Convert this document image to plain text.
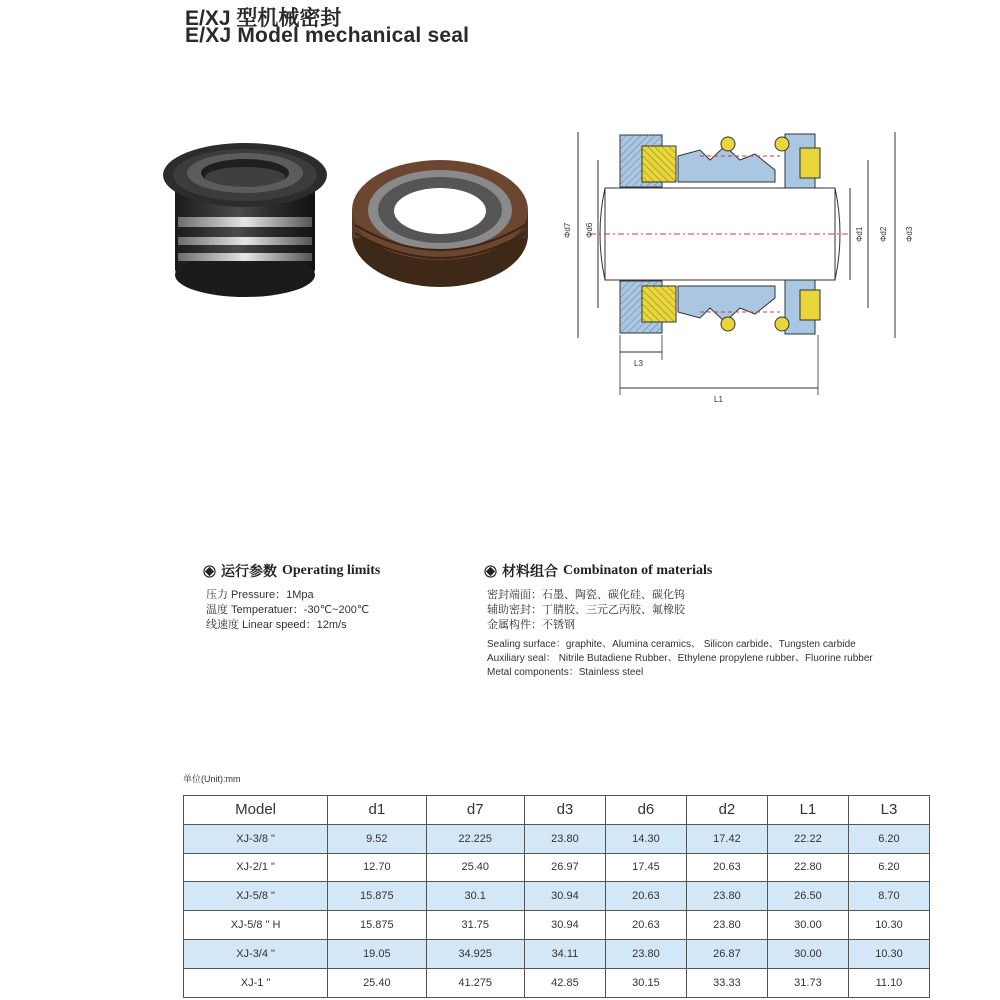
E/XJ 型机械密封
E/XJ Model mechanical seal
Φd7 Φd6	Φd1 Φd2 Φd3
L3
L1
运行参数 Operating limits
压力 Pressure：1Mpa
温度 Temperatuer：-30℃~200℃
线速度 Linear speed：12m/s
材料组合 Combinaton of materials
密封端面：石墨、陶瓷、碳化硅、碳化钨
辅助密封：丁腈胶、三元乙丙胶、氟橡胶
金属构件：不锈钢
Sealing surface：graphite、Alumina ceramics、 Silicon carbide、Tungsten carbide
Auxiliary seal： Nitrile Butadiene Rubber、Ethylene propylene rubber、Fluorine rubber
Metal components：Stainless steel
单位(Unit):mm
Model	d1	d7	d3	d6	d2	L1	L3
XJ-3/8 "	9.52	22.225	23.80	14.30	17.42	22.22	6.20
XJ-2/1 "	12.70	25.40	26.97	17.45	20.63	22.80	6.20
XJ-5/8 "	15.875	30.1	30.94	20.63	23.80	26.50	8.70
XJ-5/8 " H	15.875	31.75	30.94	20.63	23.80	30.00	10.30
XJ-3/4 "	19.05	34.925	34.11	23.80	26.87	30.00	10.30
XJ-1 "	25.40	41.275	42.85	30.15	33.33	31.73	11.10
